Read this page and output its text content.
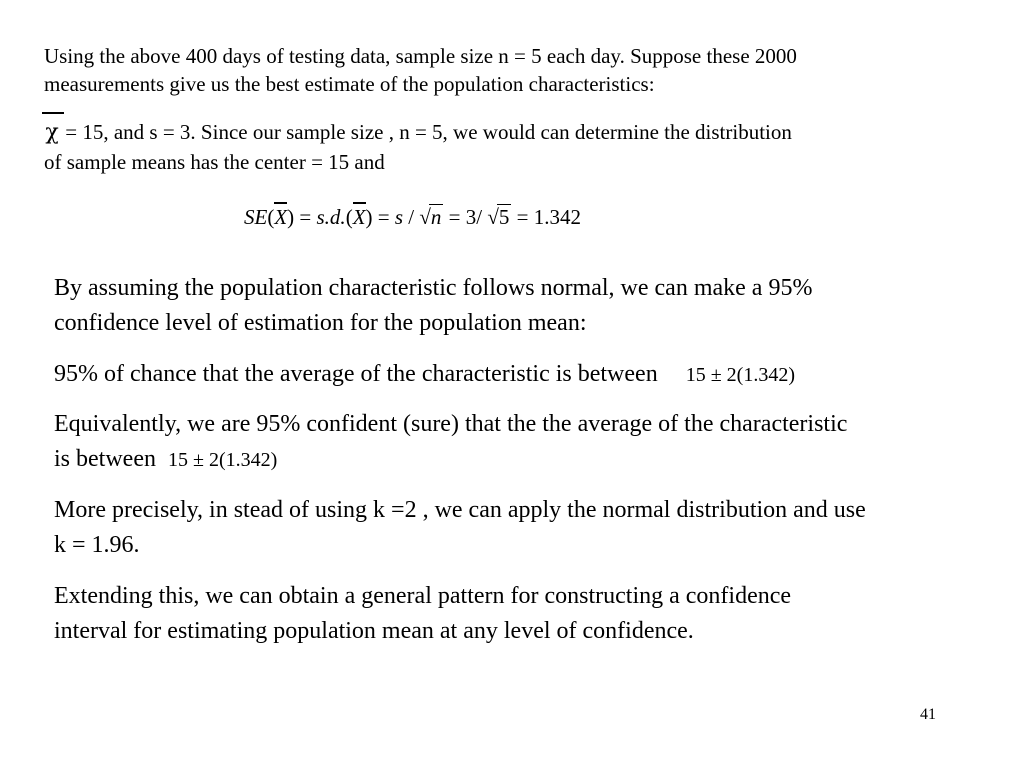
Using the above 400 days of testing data, sample size n = 5 each day. Suppose these 2000
measurements give us the best estimate of the population characteristics:

χ = 15, and s = 3. Since our sample size , n = 5, we would can determine the distribution
of sample means has the center = 15 and

SE(X) = s.d.(X) = s / √n = 3/ √5 = 1.342

By assuming the population characteristic follows normal, we can make a 95%
confidence level of estimation for the population mean:

95% of chance that the average of the characteristic is between 15 ± 2(1.342)

Equivalently, we are 95% confident (sure) that the the average of the characteristic
is between 15 ± 2(1.342)

More precisely, in stead of using k =2 , we can apply the normal distribution and use
k = 1.96.

Extending this, we can obtain a general pattern for constructing a confidence
interval for estimating population mean at any level of confidence.

41
